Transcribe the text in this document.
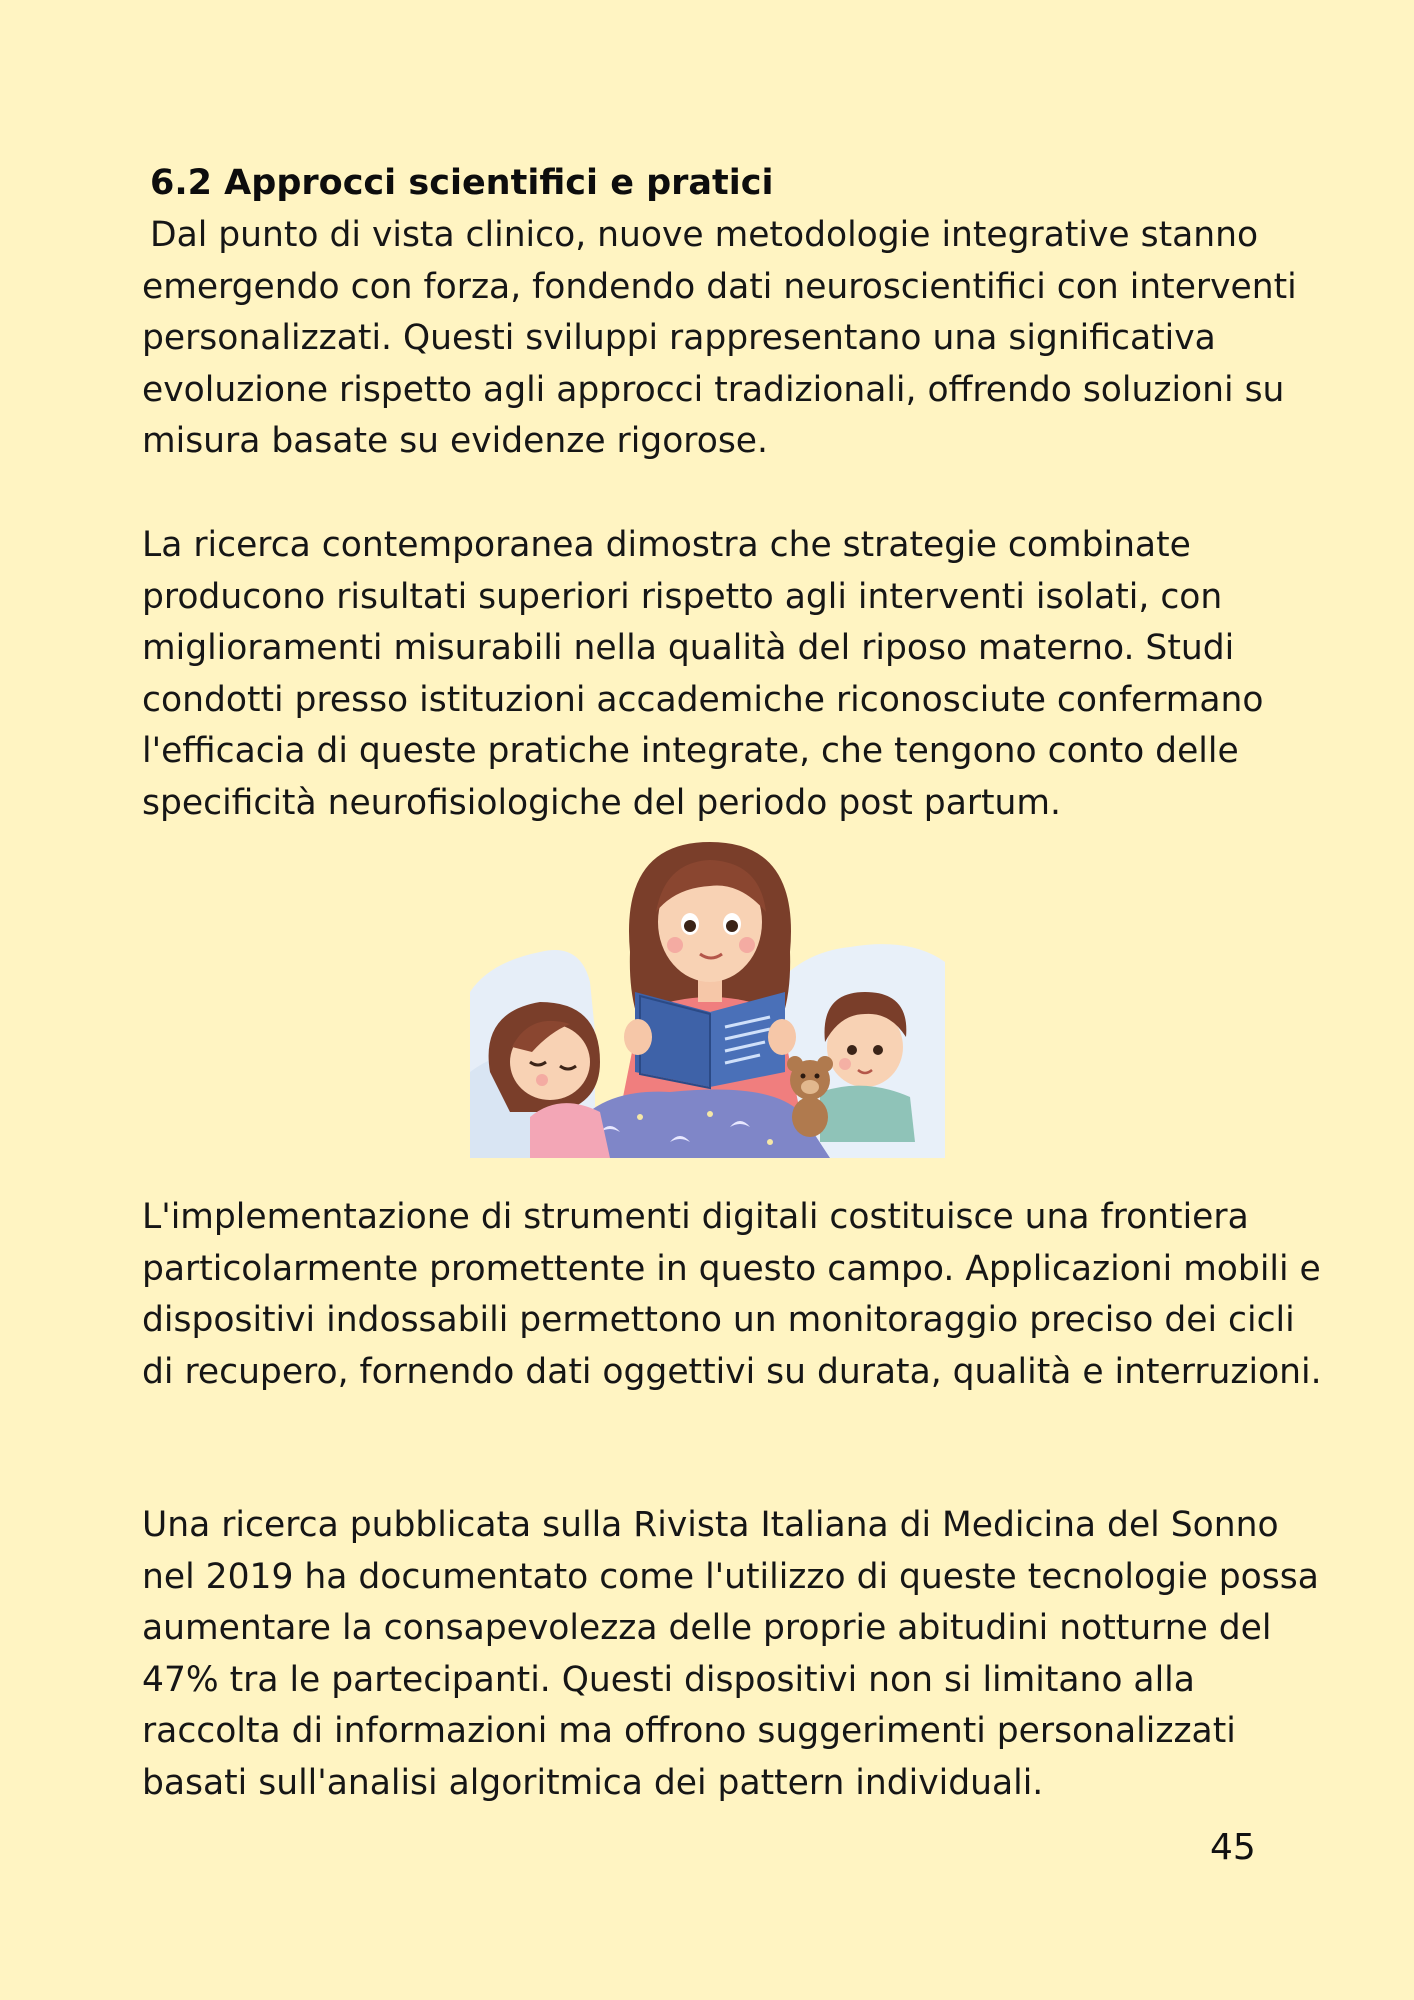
6.2 Approcci scientifici e pratici

Dal punto di vista clinico, nuove metodologie integrative stanno emergendo con forza, fondendo dati neuroscientifici con interventi personalizzati. Questi sviluppi rappresentano una significativa evoluzione rispetto agli approcci tradizionali, offrendo soluzioni su misura basate su evidenze rigorose.

La ricerca contemporanea dimostra che strategie combinate producono risultati superiori rispetto agli interventi isolati, con miglioramenti misurabili nella qualità del riposo materno. Studi condotti presso istituzioni accademiche riconosciute confermano l'efficacia di queste pratiche integrate, che tengono conto delle specificità neurofisiologiche del periodo post partum.

L'implementazione di strumenti digitali costituisce una frontiera particolarmente promettente in questo campo. Applicazioni mobili e dispositivi indossabili permettono un monitoraggio preciso dei cicli di recupero, fornendo dati oggettivi su durata, qualità e interruzioni.

Una ricerca pubblicata sulla Rivista Italiana di Medicina del Sonno nel 2019 ha documentato come l'utilizzo di queste tecnologie possa aumentare la consapevolezza delle proprie abitudini notturne del 47% tra le partecipanti. Questi dispositivi non si limitano alla raccolta di informazioni ma offrono suggerimenti personalizzati basati sull'analisi algoritmica dei pattern individuali.

45
